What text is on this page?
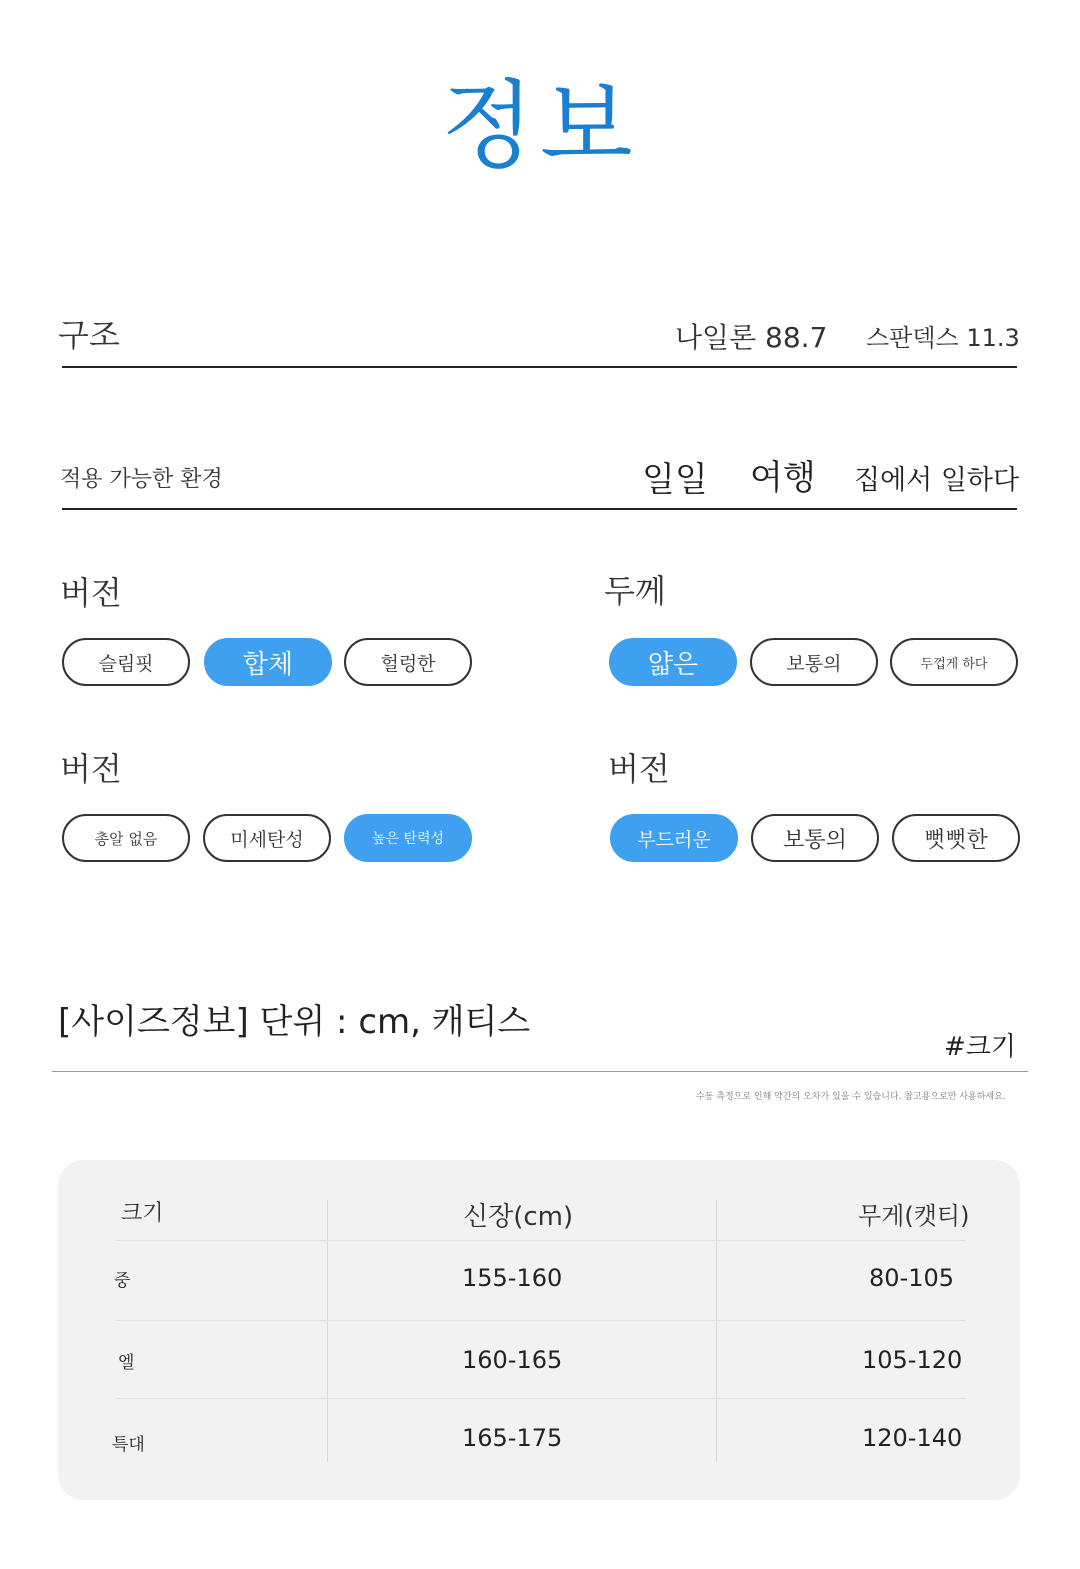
정보
구조	나일론 88.7 스판덱스 11.3
적용 가능한 환경	일일 여행 집에서 일하다
버전
슬림핏	합체	헐렁한
두께
얇은	보통의	두껍게 하다
버전
총알 없음	미세탄성	높은 탄력성
버전
부드러운	보통의	뻣뻣한
[사이즈정보] 단위 : cm, 캐티스
#크기
수동 측정으로 인해 약간의 오차가 있을 수 있습니다. 참고용으로만 사용하세요.
크기	신장(cm)	무게(캣티)
중	155-160	80-105
엘	160-165	105-120
특대	165-175	120-140
